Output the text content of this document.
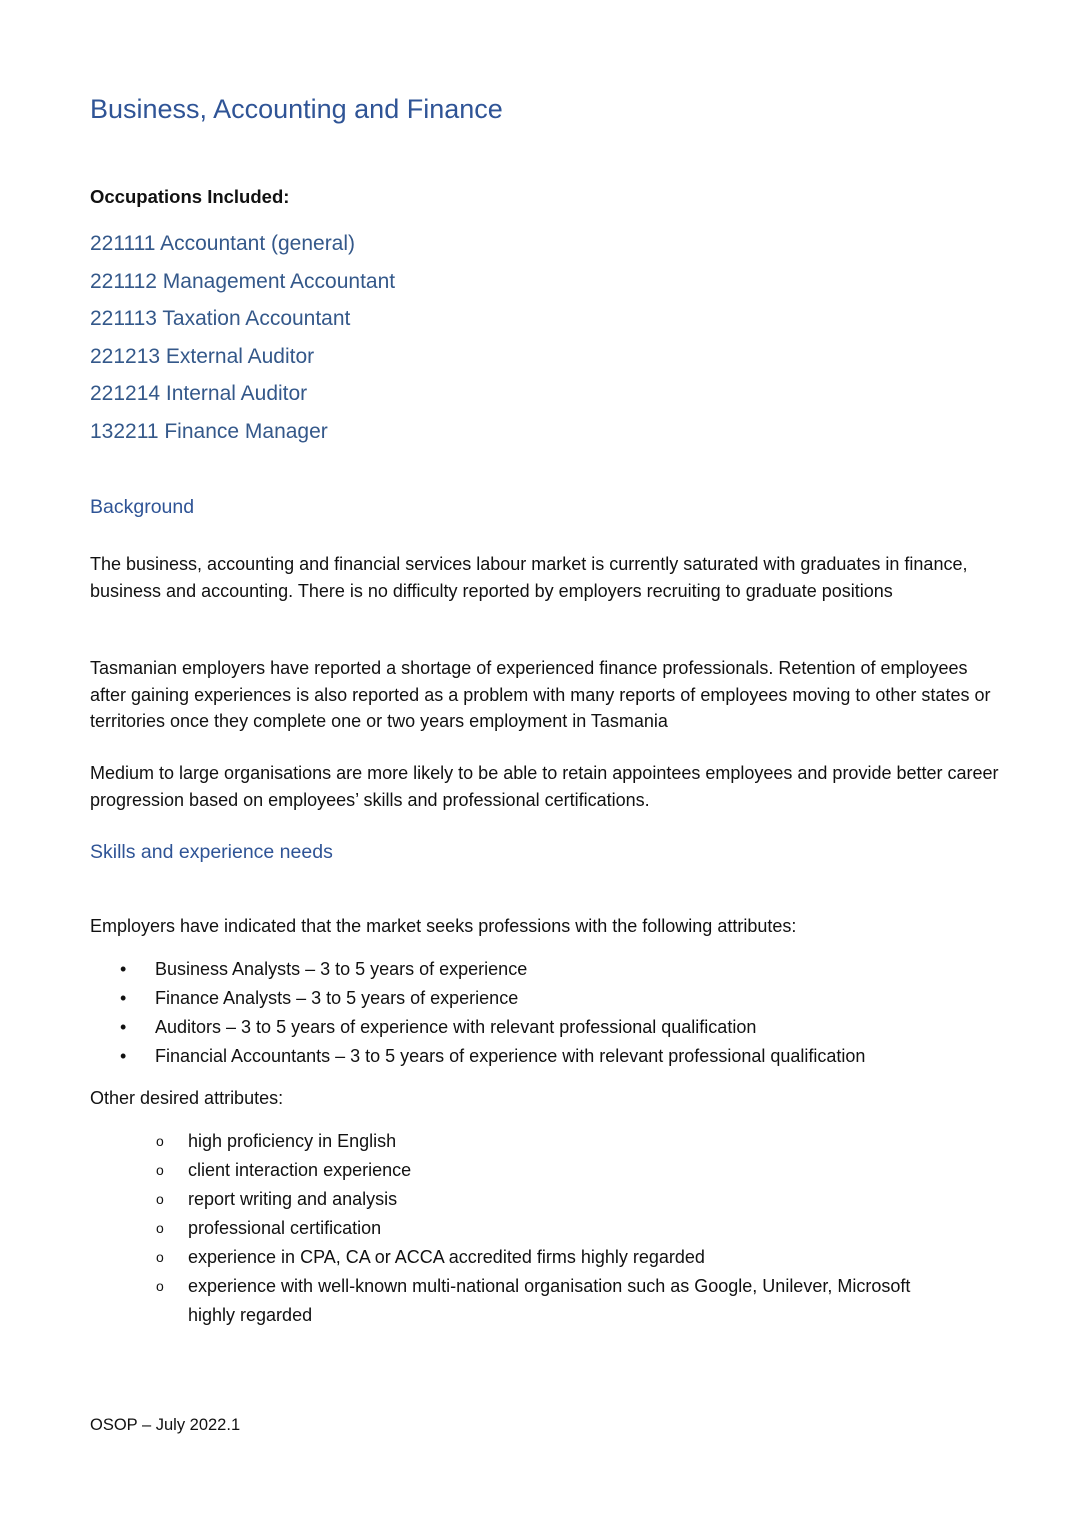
Business, Accounting and Finance
Occupations Included:
221111 Accountant (general)
221112 Management Accountant
221113 Taxation Accountant
221213 External Auditor
221214 Internal Auditor
132211 Finance Manager
Background

The business, accounting and financial services labour market is currently saturated with graduates in finance, business and accounting. There is no difficulty reported by employers recruiting to graduate positions

Tasmanian employers have reported a shortage of experienced finance professionals. Retention of employees after gaining experiences is also reported as a problem with many reports of employees moving to other states or territories once they complete one or two years employment in Tasmania

Medium to large organisations are more likely to be able to retain appointees employees and provide better career progression based on employees’ skills and professional certifications.

Skills and experience needs

Employers have indicated that the market seeks professions with the following attributes:

• Business Analysts – 3 to 5 years of experience
• Finance Analysts – 3 to 5 years of experience
• Auditors – 3 to 5 years of experience with relevant professional qualification
• Financial Accountants – 3 to 5 years of experience with relevant professional qualification

Other desired attributes:

o high proficiency in English
o client interaction experience
o report writing and analysis
o professional certification
o experience in CPA, CA or ACCA accredited firms highly regarded
o experience with well-known multi-national organisation such as Google, Unilever, Microsoft highly regarded
OSOP – July 2022.1
